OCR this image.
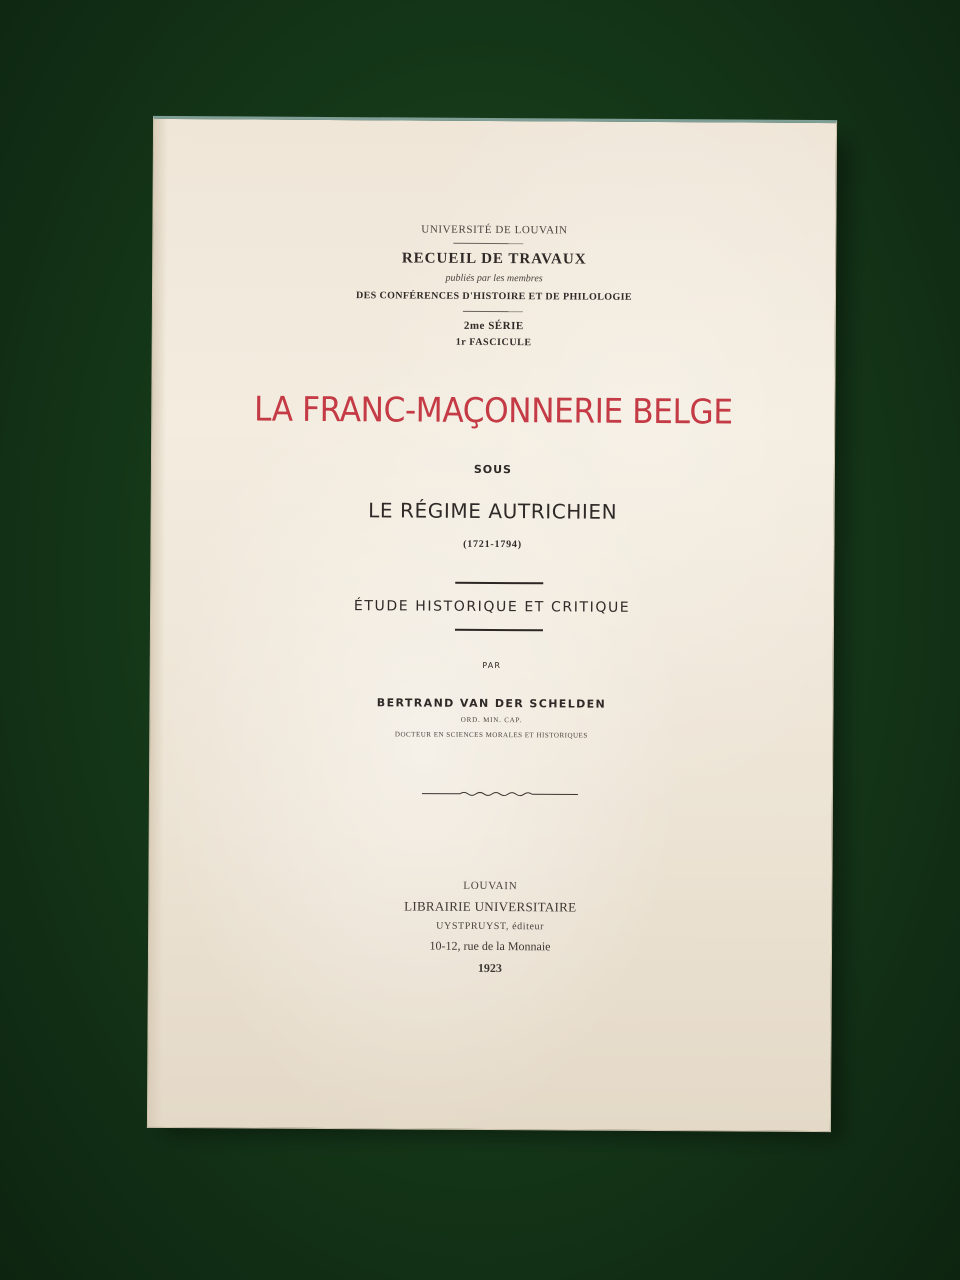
UNIVERSITÉ DE LOUVAIN
RECUEIL DE TRAVAUX
publiés par les membres
DES CONFÉRENCES D'HISTOIRE ET DE PHILOLOGIE
2me SÉRIE
1r FASCICULE
LA FRANC-MAÇONNERIE BELGE
SOUS
LE RÉGIME AUTRICHIEN
(1721-1794)
ÉTUDE HISTORIQUE ET CRITIQUE
PAR
BERTRAND VAN DER SCHELDEN
ORD. MIN. CAP.
DOCTEUR EN SCIENCES MORALES ET HISTORIQUES
LOUVAIN
LIBRAIRIE UNIVERSITAIRE
UYSTPRUYST, éditeur
10-12, rue de la Monnaie
1923
